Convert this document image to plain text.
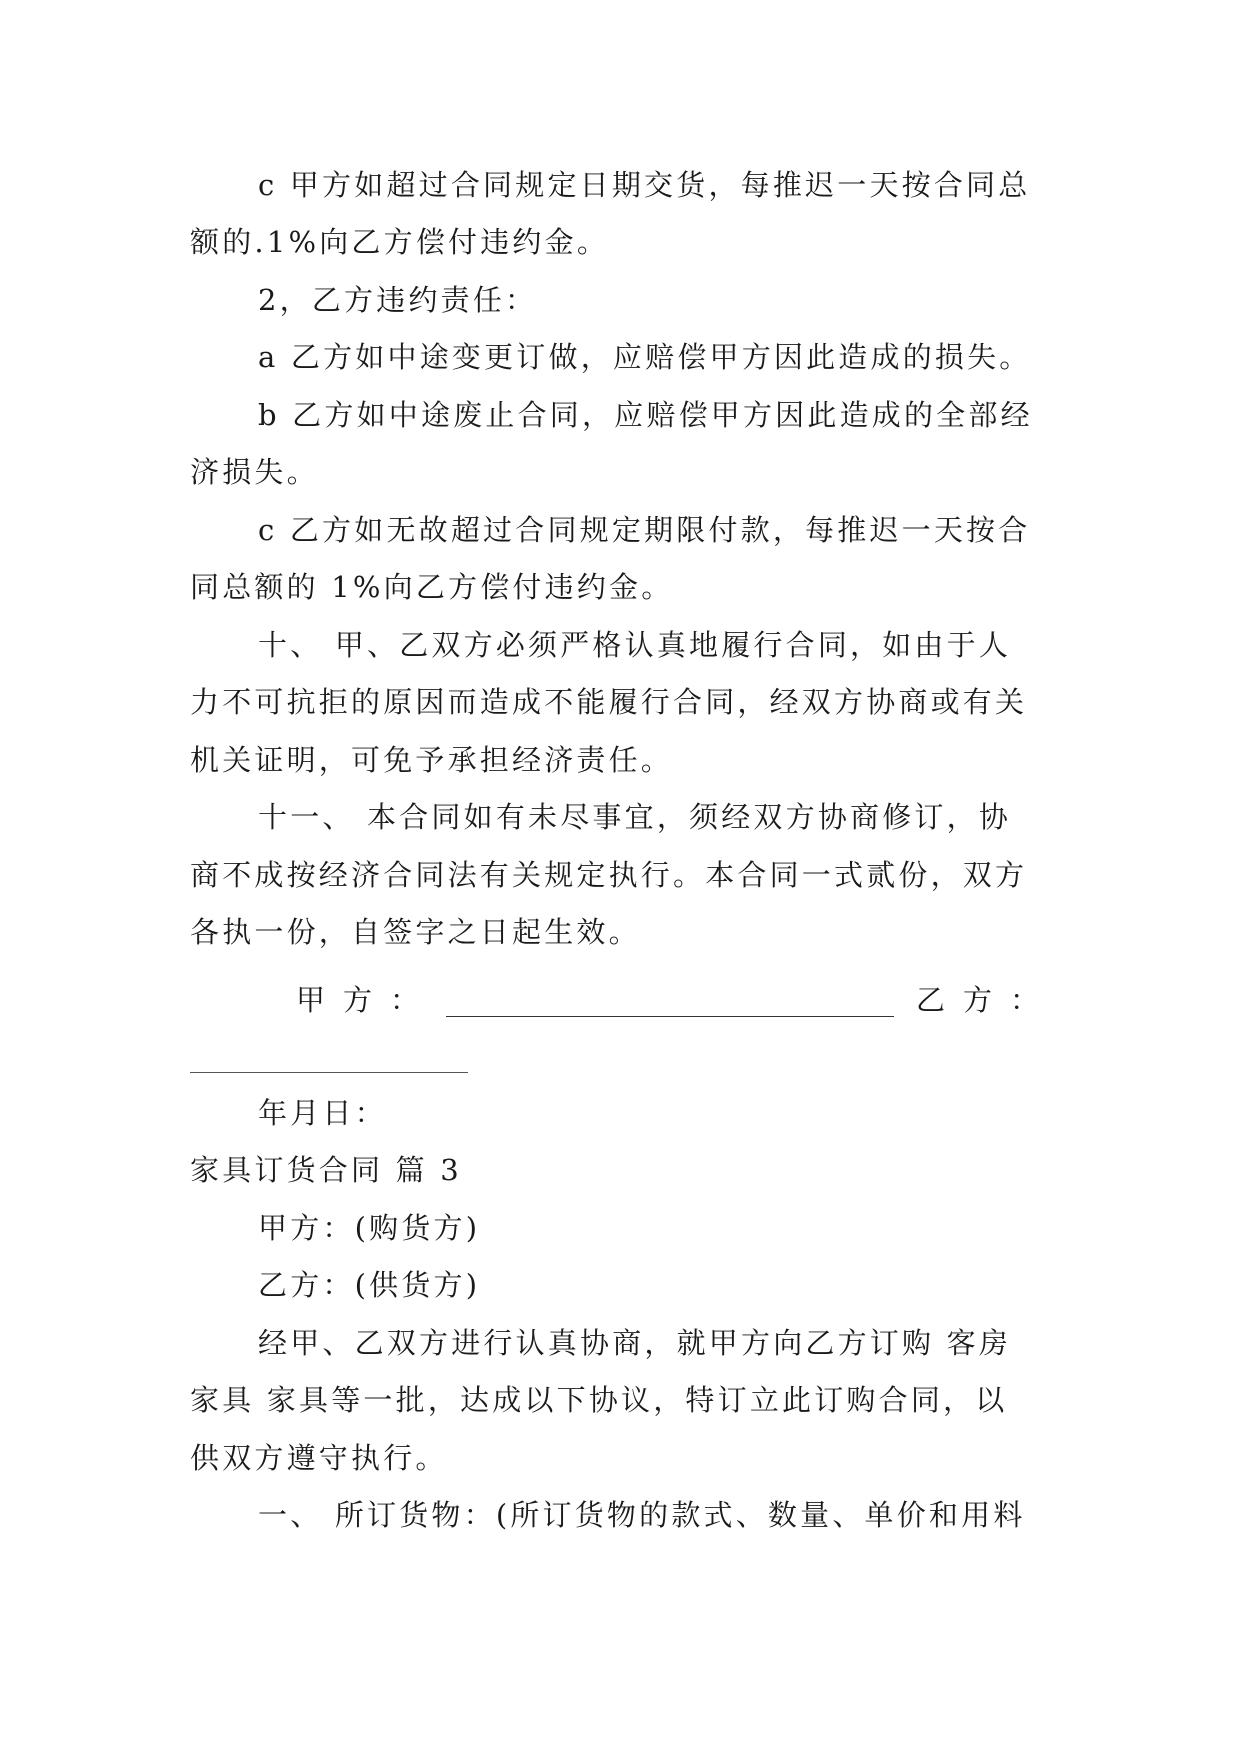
c 甲方如超过合同规定日期交货，每推迟一天按合同总
额的.1%向乙方偿付违约金。
2，乙方违约责任：
a 乙方如中途变更订做，应赔偿甲方因此造成的损失。
b 乙方如中途废止合同，应赔偿甲方因此造成的全部经
济损失。
c 乙方如无故超过合同规定期限付款，每推迟一天按合
同总额的 1%向乙方偿付违约金。
十、 甲、乙双方必须严格认真地履行合同，如由于人
力不可抗拒的原因而造成不能履行合同，经双方协商或有关
机关证明，可免予承担经济责任。
十一、 本合同如有未尽事宜，须经双方协商修订，协
商不成按经济合同法有关规定执行。本合同一式贰份，双方
各执一份，自签字之日起生效。
甲方：	乙方：
年月日：
家具订货合同 篇 3
甲方：(购货方)
乙方：(供货方)
经甲、乙双方进行认真协商，就甲方向乙方订购 客房
家具 家具等一批，达成以下协议，特订立此订购合同，以
供双方遵守执行。
一、 所订货物：(所订货物的款式、数量、单价和用料
